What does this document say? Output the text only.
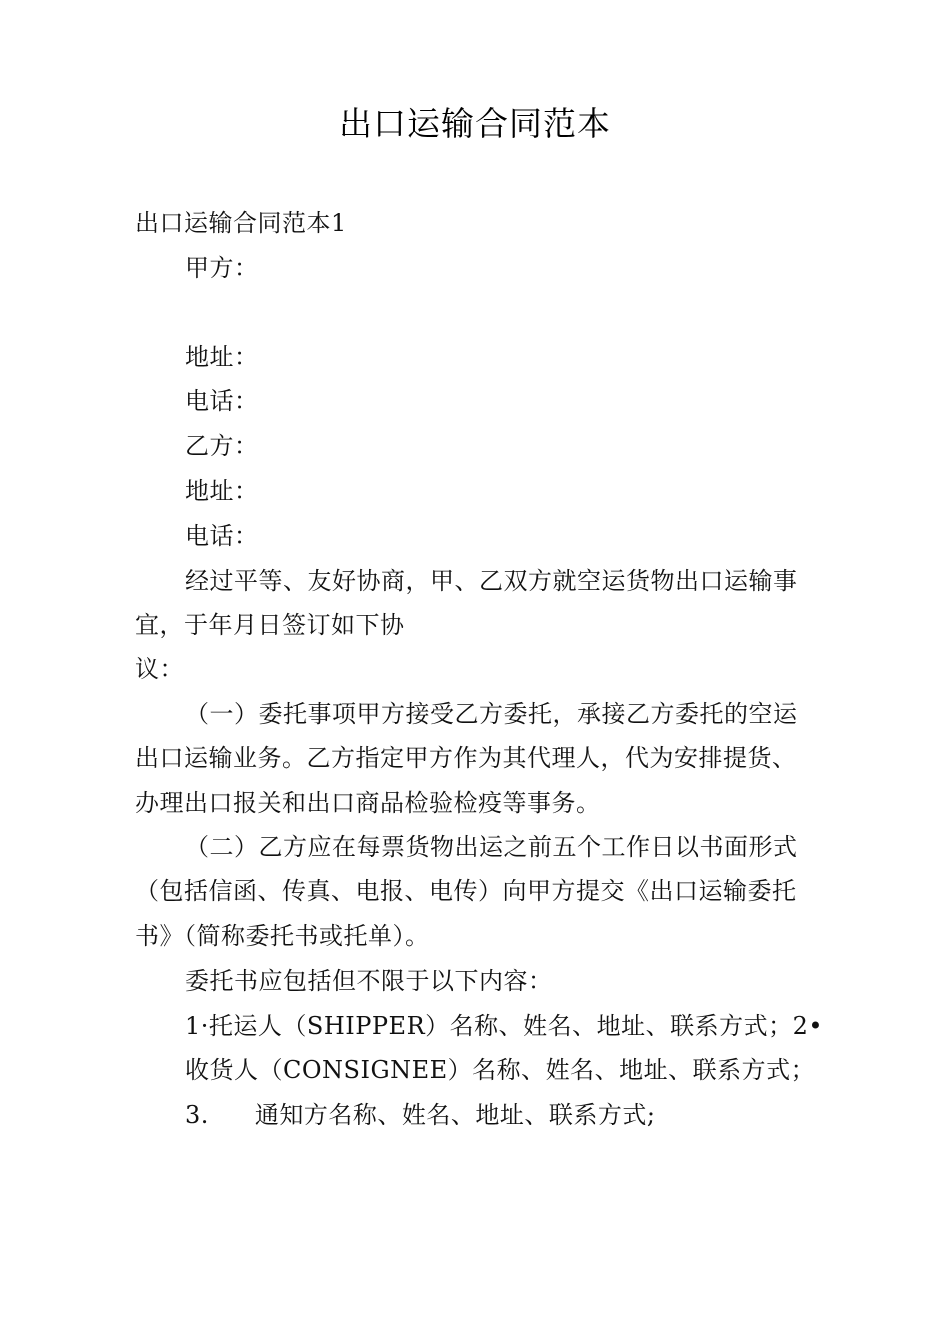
出口运输合同范本
出口运输合同范本1
甲方：
地址：
电话：
乙方：
地址：
电话：
经过平等、友好协商，甲、乙双方就空运货物出口运输事
宜，于年月日签订如下协
议：
（一）委托事项甲方接受乙方委托，承接乙方委托的空运
出口运输业务。乙方指定甲方作为其代理人，代为安排提货、
办理出口报关和出口商品检验检疫等事务。
（二）乙方应在每票货物出运之前五个工作日以书面形式
（包括信函、传真、电报、电传）向甲方提交《出口运输委托
书》（简称委托书或托单）。
委托书应包括但不限于以下内容：
1·托运人（SHIPPER）名称、姓名、地址、联系方式；2•
收货人（CONSIGNEE）名称、姓名、地址、联系方式；
3. 通知方名称、姓名、地址、联系方式;
